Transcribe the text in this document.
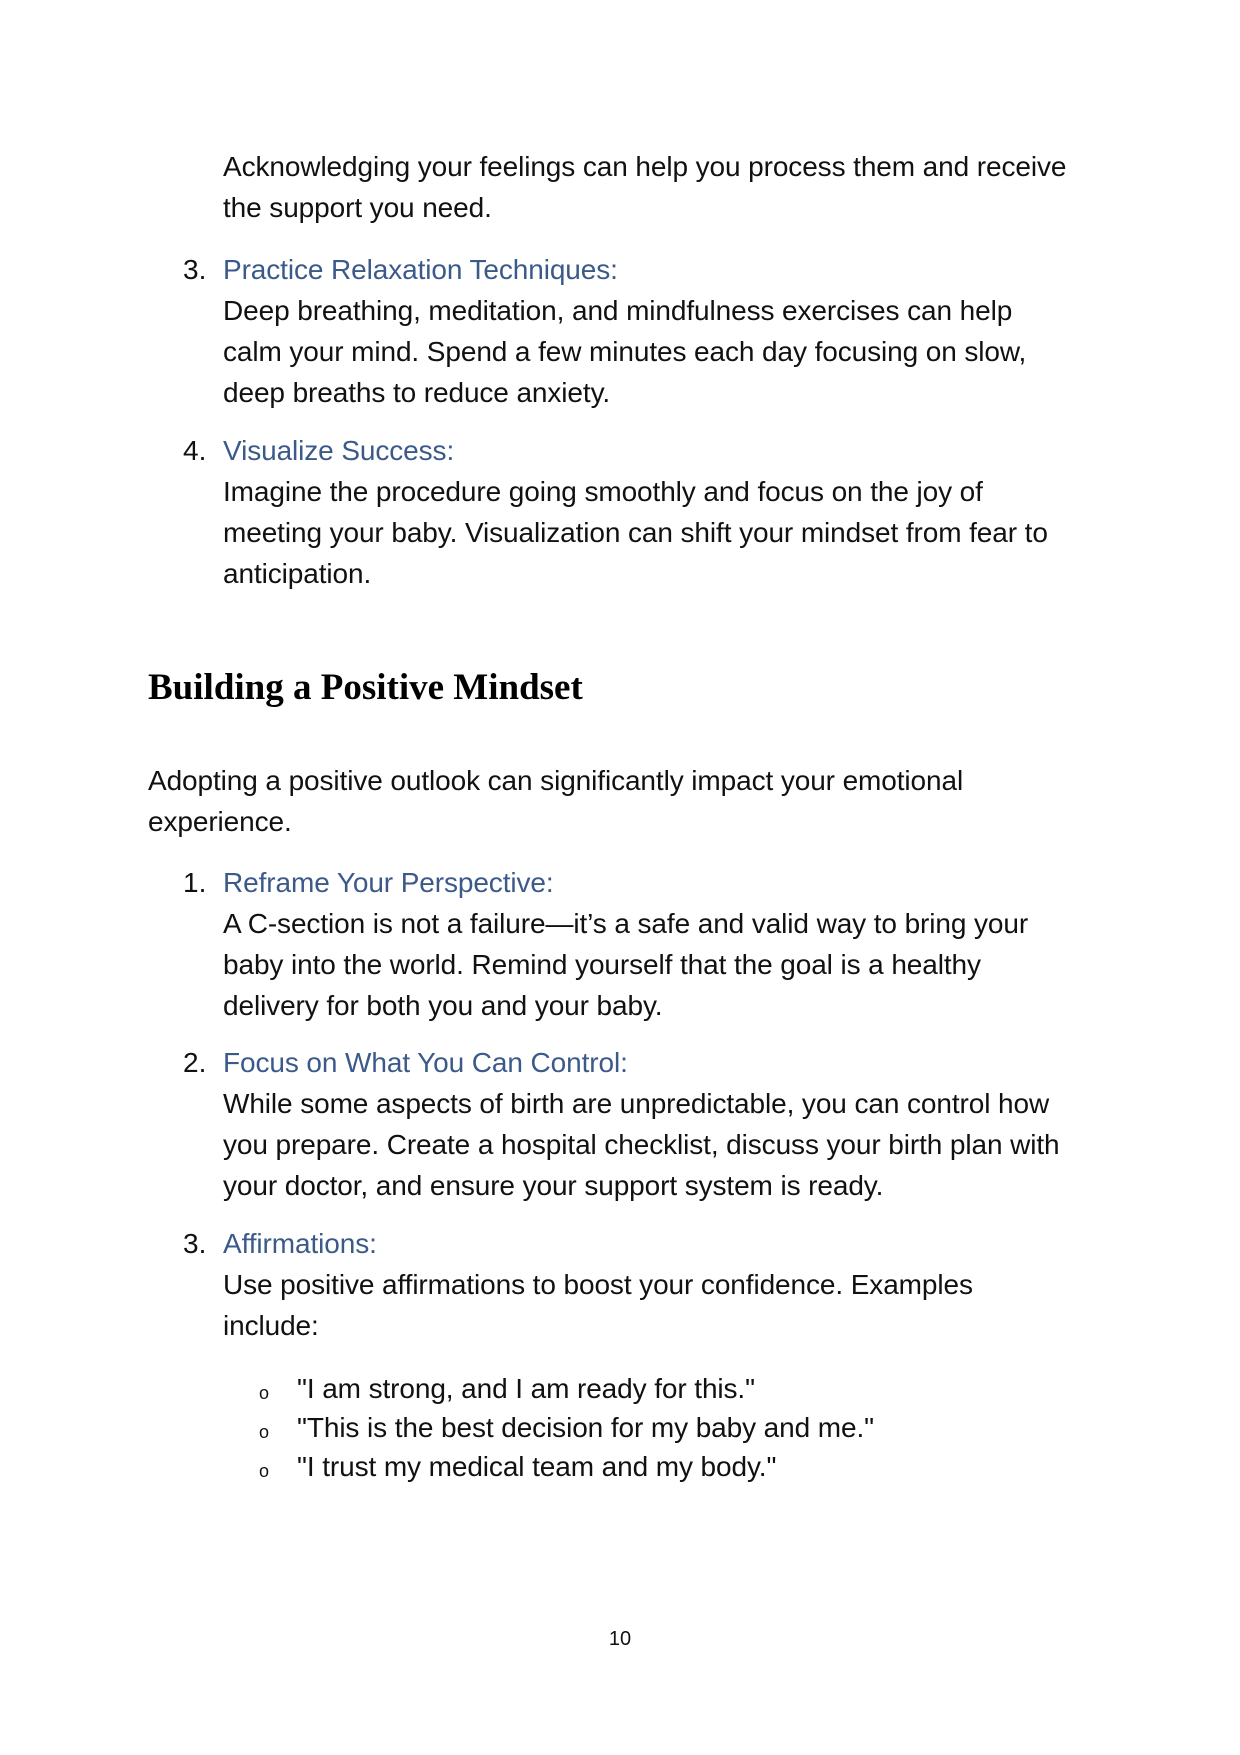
Acknowledging your feelings can help you process them and receive
the support you need.
3. Practice Relaxation Techniques:
Deep breathing, meditation, and mindfulness exercises can help
calm your mind. Spend a few minutes each day focusing on slow,
deep breaths to reduce anxiety.
4. Visualize Success:
Imagine the procedure going smoothly and focus on the joy of
meeting your baby. Visualization can shift your mindset from fear to
anticipation.
Building a Positive Mindset
Adopting a positive outlook can significantly impact your emotional
experience.
1. Reframe Your Perspective:
A C-section is not a failure—it’s a safe and valid way to bring your
baby into the world. Remind yourself that the goal is a healthy
delivery for both you and your baby.
2. Focus on What You Can Control:
While some aspects of birth are unpredictable, you can control how
you prepare. Create a hospital checklist, discuss your birth plan with
your doctor, and ensure your support system is ready.
3. Affirmations:
Use positive affirmations to boost your confidence. Examples
include:
o "I am strong, and I am ready for this."
o "This is the best decision for my baby and me."
o "I trust my medical team and my body."
10
